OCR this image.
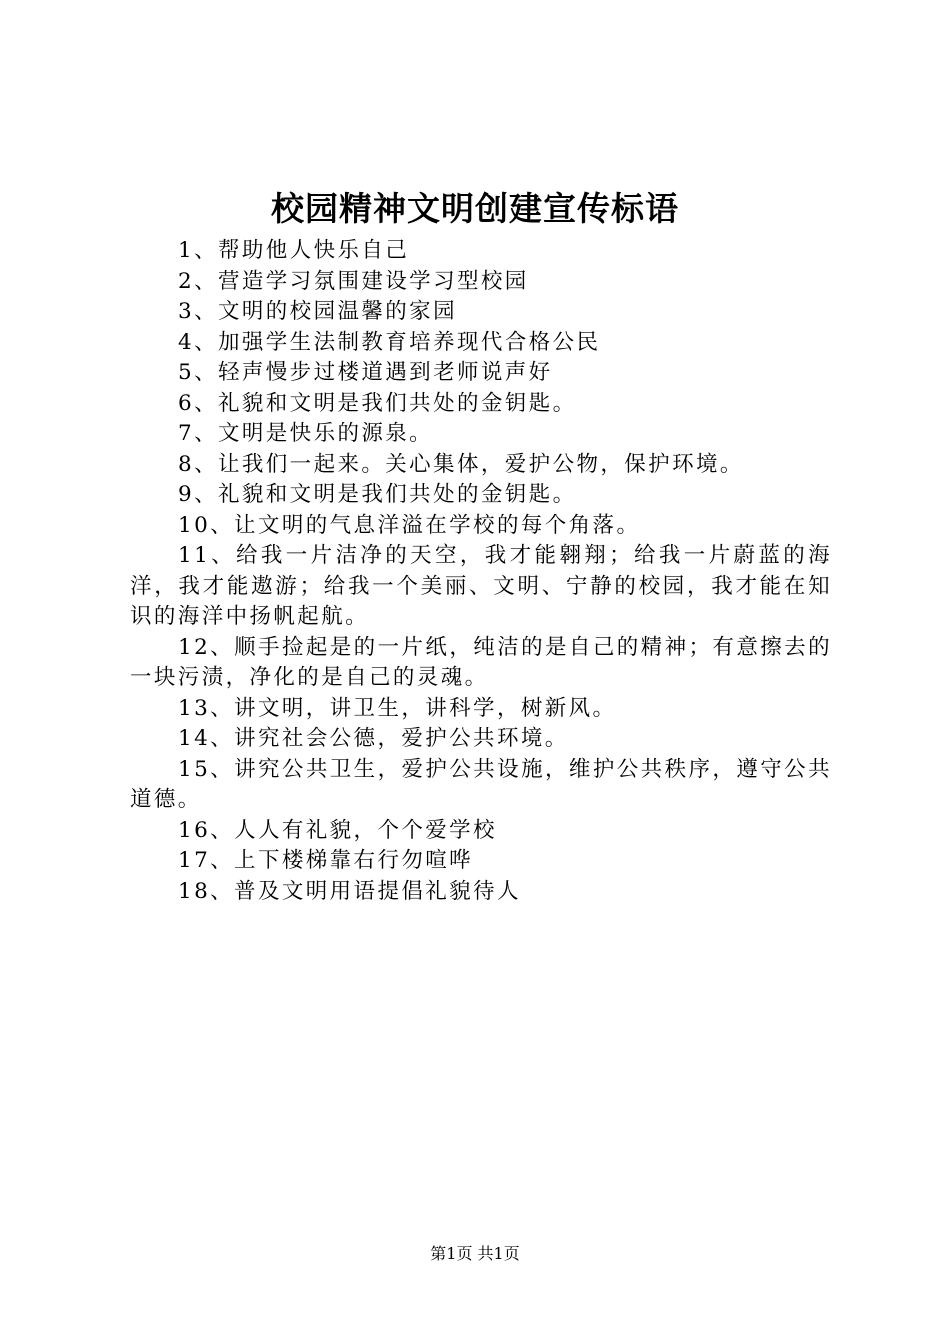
校园精神文明创建宣传标语

1、帮助他人快乐自己

2、营造学习氛围建设学习型校园

3、文明的校园温馨的家园

4、加强学生法制教育培养现代合格公民

5、轻声慢步过楼道遇到老师说声好

6、礼貌和文明是我们共处的金钥匙。

7、文明是快乐的源泉。

8、让我们一起来。关心集体，爱护公物，保护环境。

9、礼貌和文明是我们共处的金钥匙。

10、让文明的气息洋溢在学校的每个角落。

11、给我一片洁净的天空，我才能翱翔；给我一片蔚蓝的海洋，我才能遨游；给我一个美丽、文明、宁静的校园，我才能在知识的海洋中扬帆起航。

12、顺手捡起是的一片纸，纯洁的是自己的精神；有意擦去的一块污渍，净化的是自己的灵魂。

13、讲文明，讲卫生，讲科学，树新风。

14、讲究社会公德，爱护公共环境。

15、讲究公共卫生，爱护公共设施，维护公共秩序，遵守公共道德。

16、人人有礼貌，个个爱学校

17、上下楼梯靠右行勿喧哗

18、普及文明用语提倡礼貌待人

第1页 共1页
